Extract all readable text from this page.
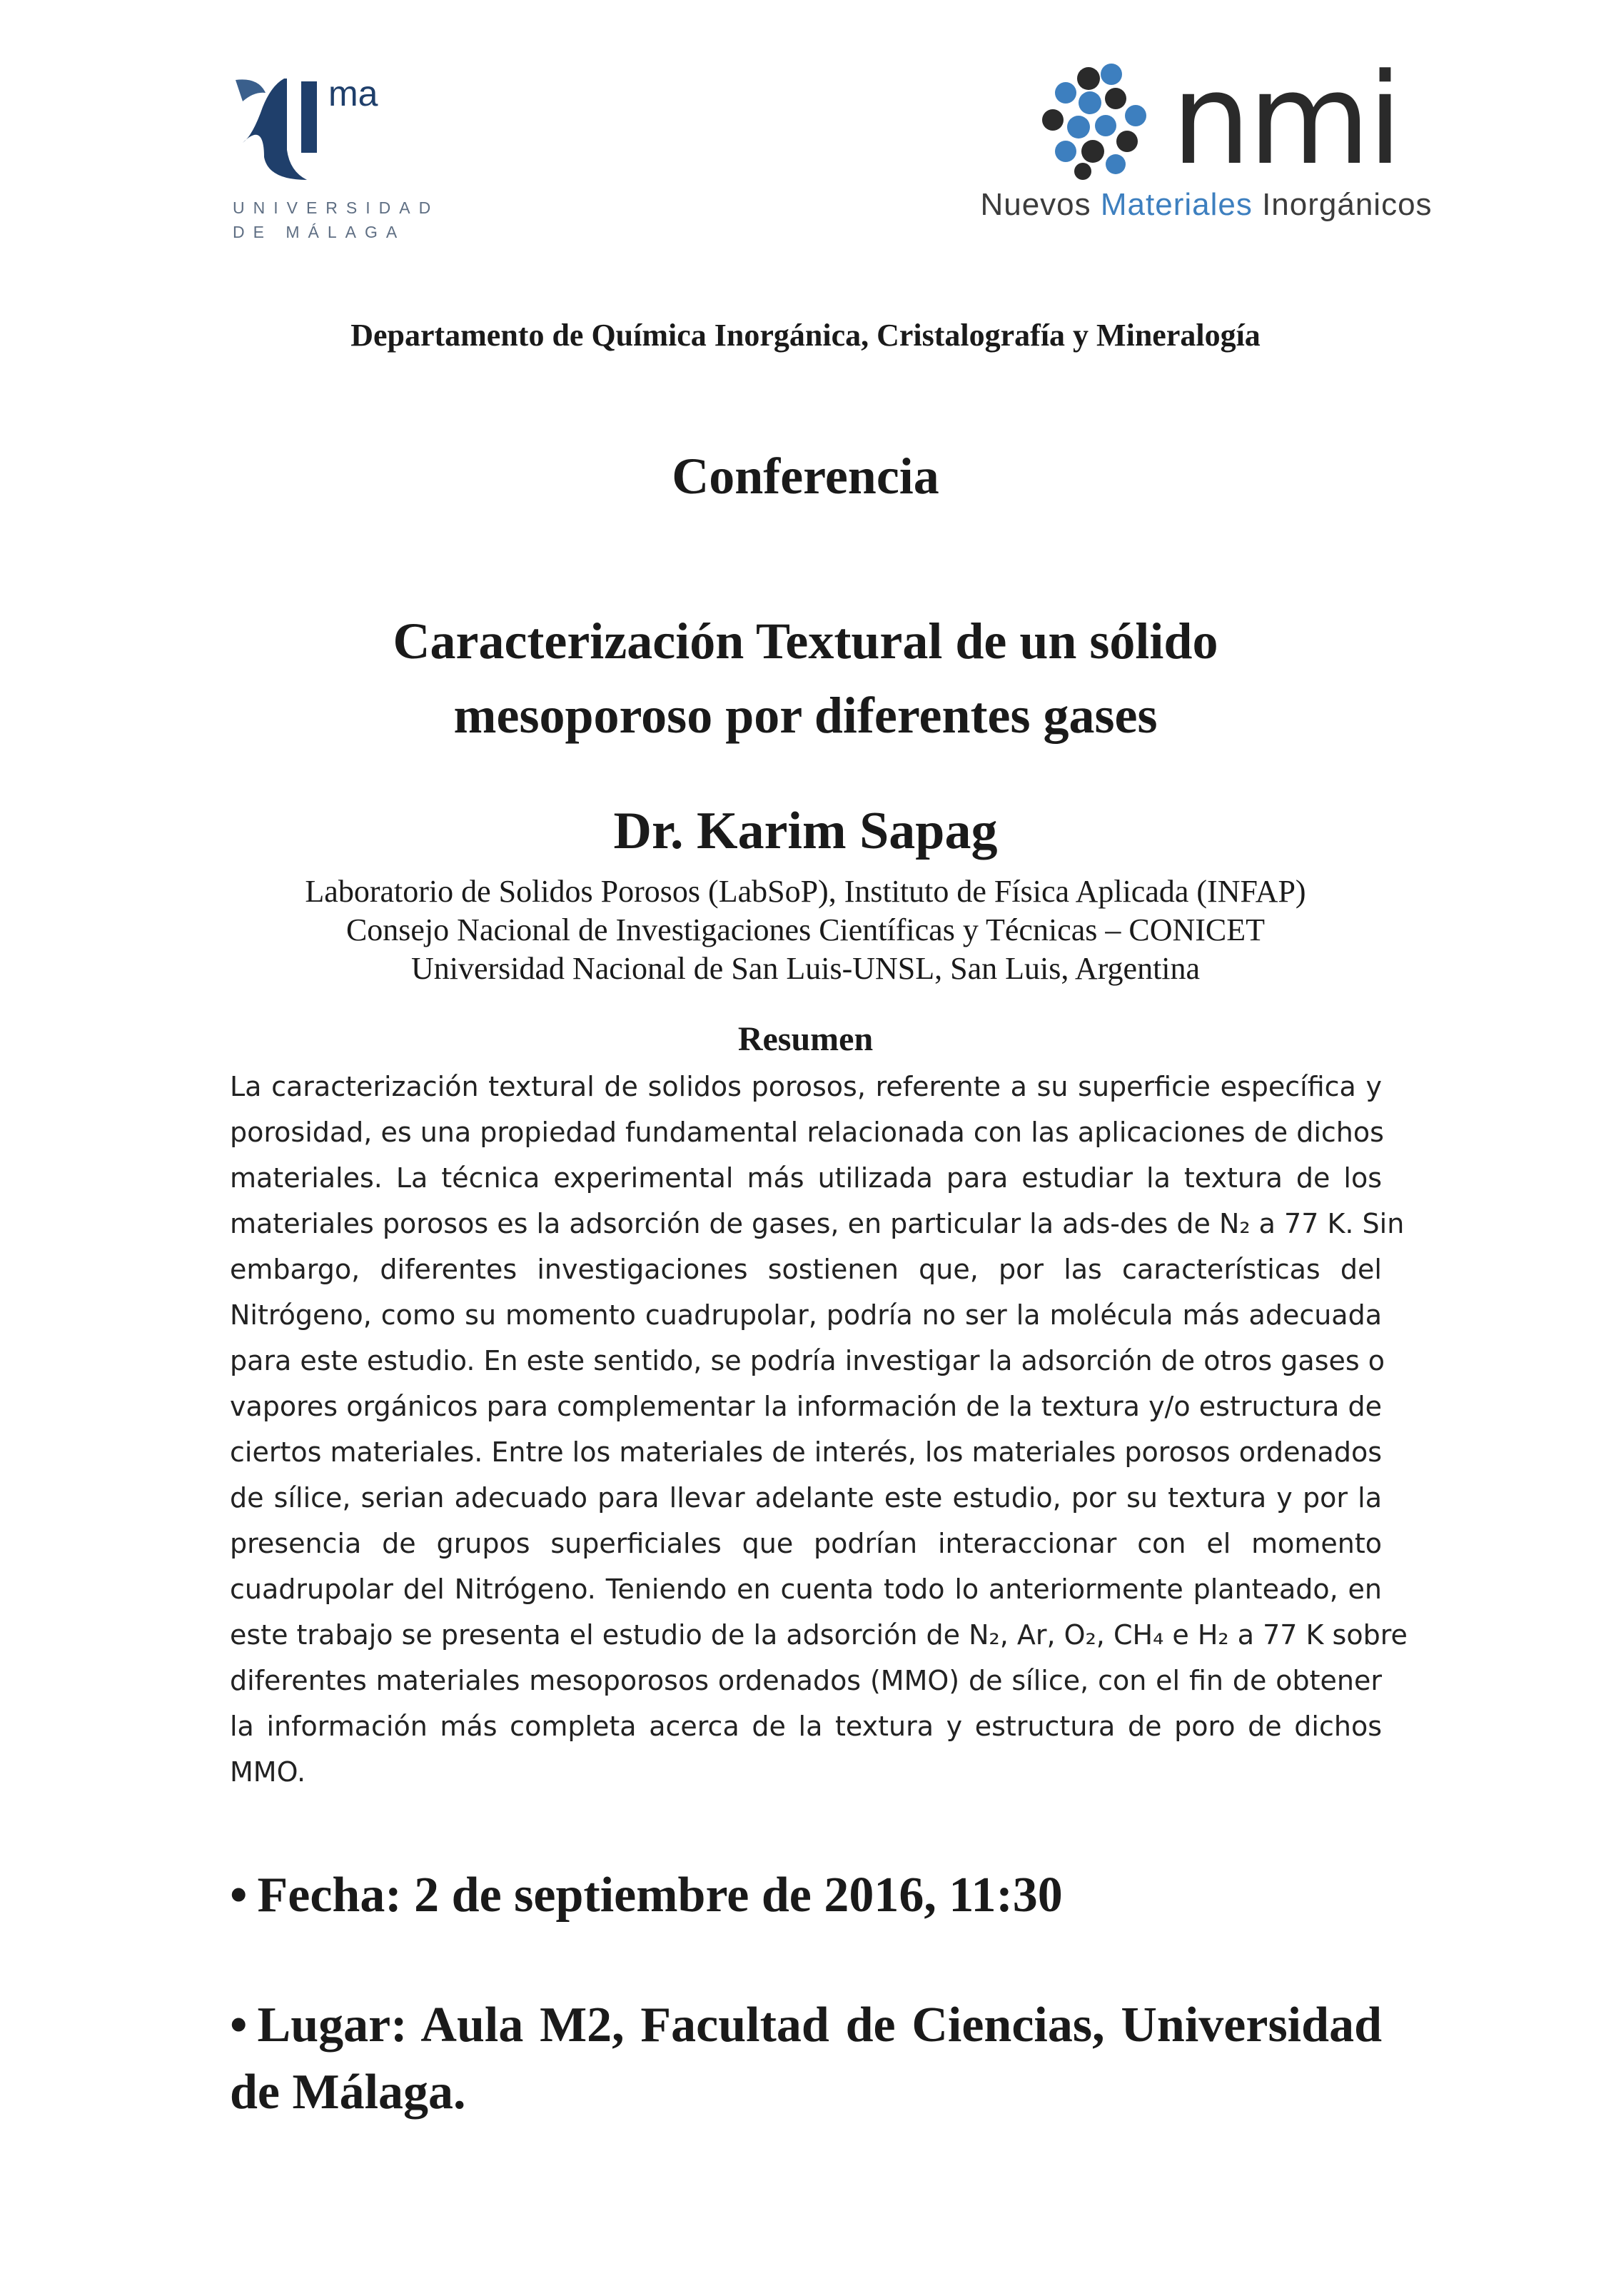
ma
UNIVERSIDAD
DE MÁLAGA
nmi
Nuevos Materiales Inorgánicos
Departamento de Química Inorgánica, Cristalografía y Mineralogía
Conferencia
Caracterización Textural de un sólido
mesoporoso por diferentes gases
Dr. Karim Sapag
Laboratorio de Solidos Porosos (LabSoP), Instituto de Física Aplicada (INFAP)
Consejo Nacional de Investigaciones Científicas y Técnicas – CONICET
Universidad Nacional de San Luis-UNSL, San Luis, Argentina
Resumen
La caracterización textural de solidos porosos, referente a su superficie específica y
porosidad, es una propiedad fundamental relacionada con las aplicaciones de dichos
materiales. La técnica experimental más utilizada para estudiar la textura de los
materiales porosos es la adsorción de gases, en particular la ads-des de N₂ a 77 K. Sin
embargo, diferentes investigaciones sostienen que, por las características del
Nitrógeno, como su momento cuadrupolar, podría no ser la molécula más adecuada
para este estudio. En este sentido, se podría investigar la adsorción de otros gases o
vapores orgánicos para complementar la información de la textura y/o estructura de
ciertos materiales. Entre los materiales de interés, los materiales porosos ordenados
de sílice, serian adecuado para llevar adelante este estudio, por su textura y por la
presencia de grupos superficiales que podrían interaccionar con el momento
cuadrupolar del Nitrógeno. Teniendo en cuenta todo lo anteriormente planteado, en
este trabajo se presenta el estudio de la adsorción de N₂, Ar, O₂, CH₄ e H₂ a 77 K sobre
diferentes materiales mesoporosos ordenados (MMO) de sílice, con el fin de obtener
la información más completa acerca de la textura y estructura de poro de dichos
MMO.
• Fecha: 2 de septiembre de 2016, 11:30
• Lugar: Aula M2, Facultad de Ciencias, Universidad
de Málaga.
